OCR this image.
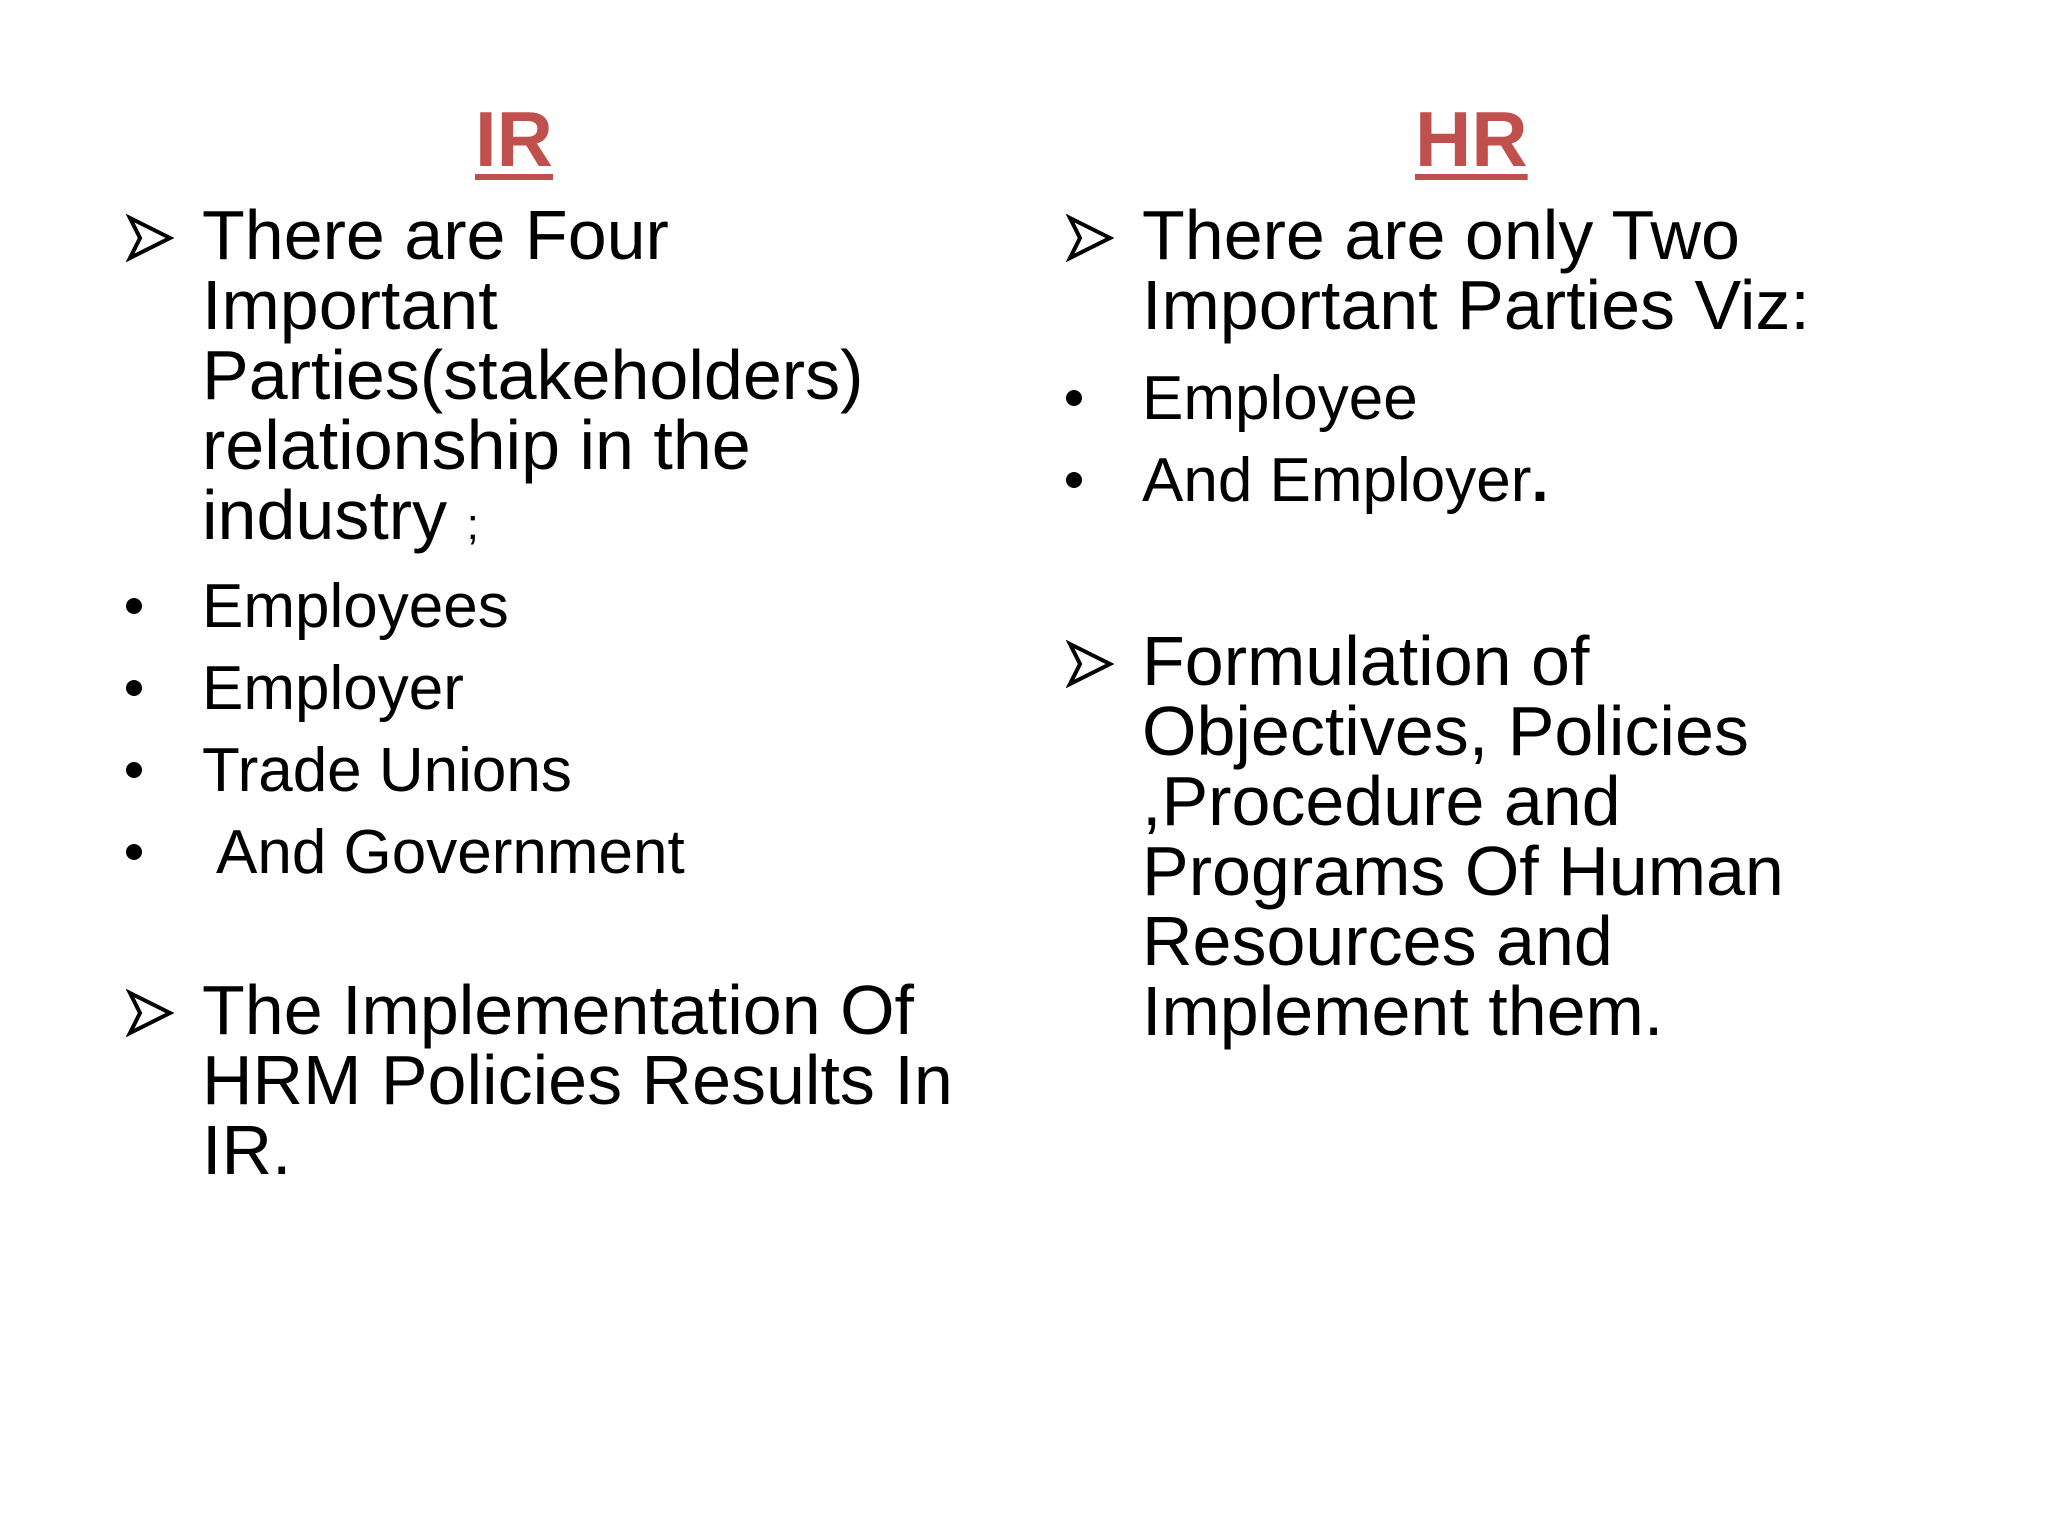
IR
There are Four Important Parties(stakeholders) relationship in the industry ;
Employees
Employer
Trade Unions
And Government
The Implementation Of HRM Policies Results In IR.
HR
There are only Two Important Parties Viz:
Employee
And Employer.
Formulation of Objectives, Policies ,Procedure and Programs Of Human Resources and Implement them.
